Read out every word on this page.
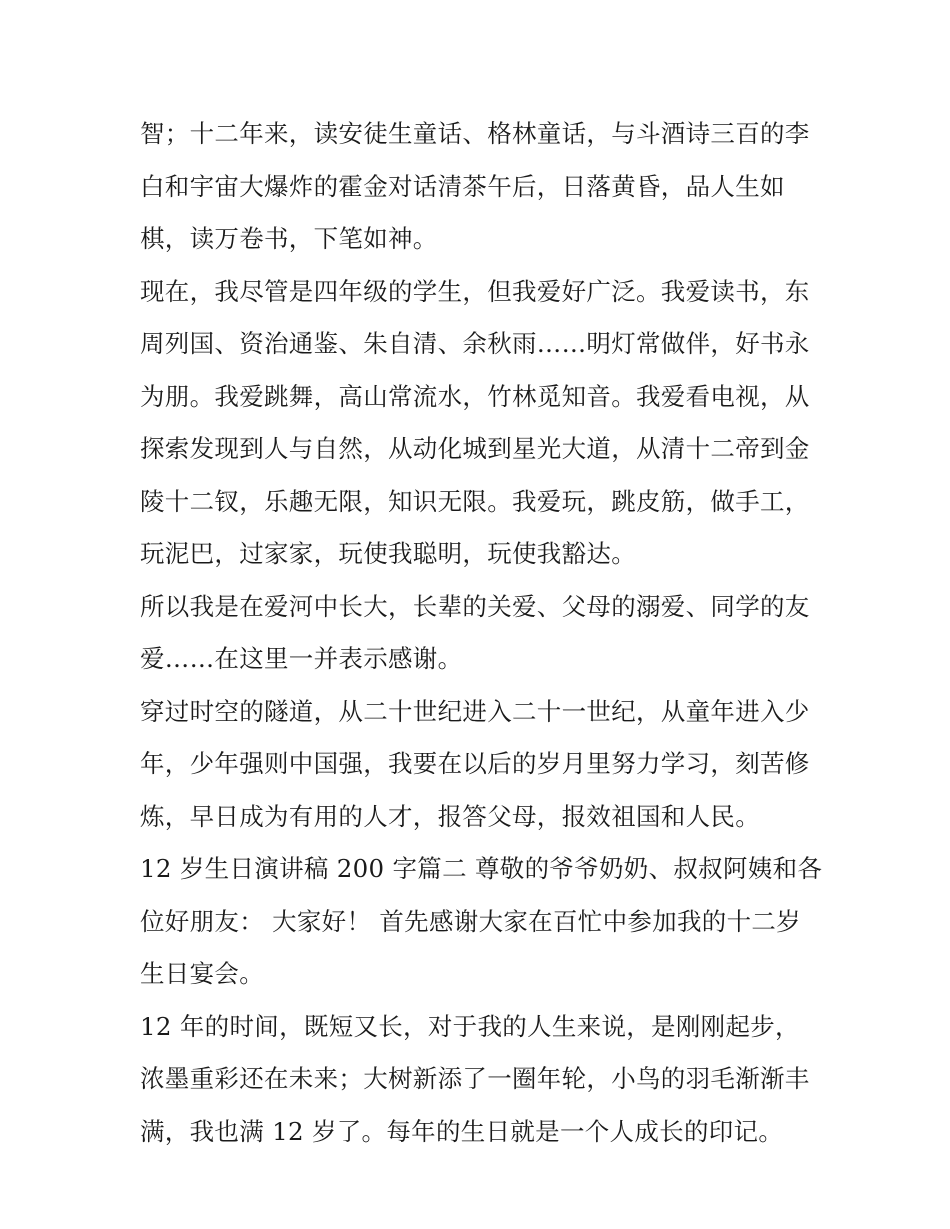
智；十二年来，读安徒生童话、格林童话，与斗酒诗三百的李
白和宇宙大爆炸的霍金对话清茶午后，日落黄昏，品人生如
棋，读万卷书，下笔如神。
现在，我尽管是四年级的学生，但我爱好广泛。我爱读书，东
周列国、资治通鉴、朱自清、余秋雨……明灯常做伴，好书永
为朋。我爱跳舞，高山常流水，竹林觅知音。我爱看电视，从
探索发现到人与自然，从动化城到星光大道，从清十二帝到金
陵十二钗，乐趣无限，知识无限。我爱玩，跳皮筋，做手工，
玩泥巴，过家家，玩使我聪明，玩使我豁达。
所以我是在爱河中长大，长辈的关爱、父母的溺爱、同学的友
爱……在这里一并表示感谢。
穿过时空的隧道，从二十世纪进入二十一世纪，从童年进入少
年，少年强则中国强，我要在以后的岁月里努力学习，刻苦修
炼，早日成为有用的人才，报答父母，报效祖国和人民。
12 岁生日演讲稿 200 字篇二 尊敬的爷爷奶奶、叔叔阿姨和各
位好朋友： 大家好！ 首先感谢大家在百忙中参加我的十二岁
生日宴会。
12 年的时间，既短又长，对于我的人生来说，是刚刚起步，
浓墨重彩还在未来；大树新添了一圈年轮，小鸟的羽毛渐渐丰
满，我也满 12 岁了。每年的生日就是一个人成长的印记。
